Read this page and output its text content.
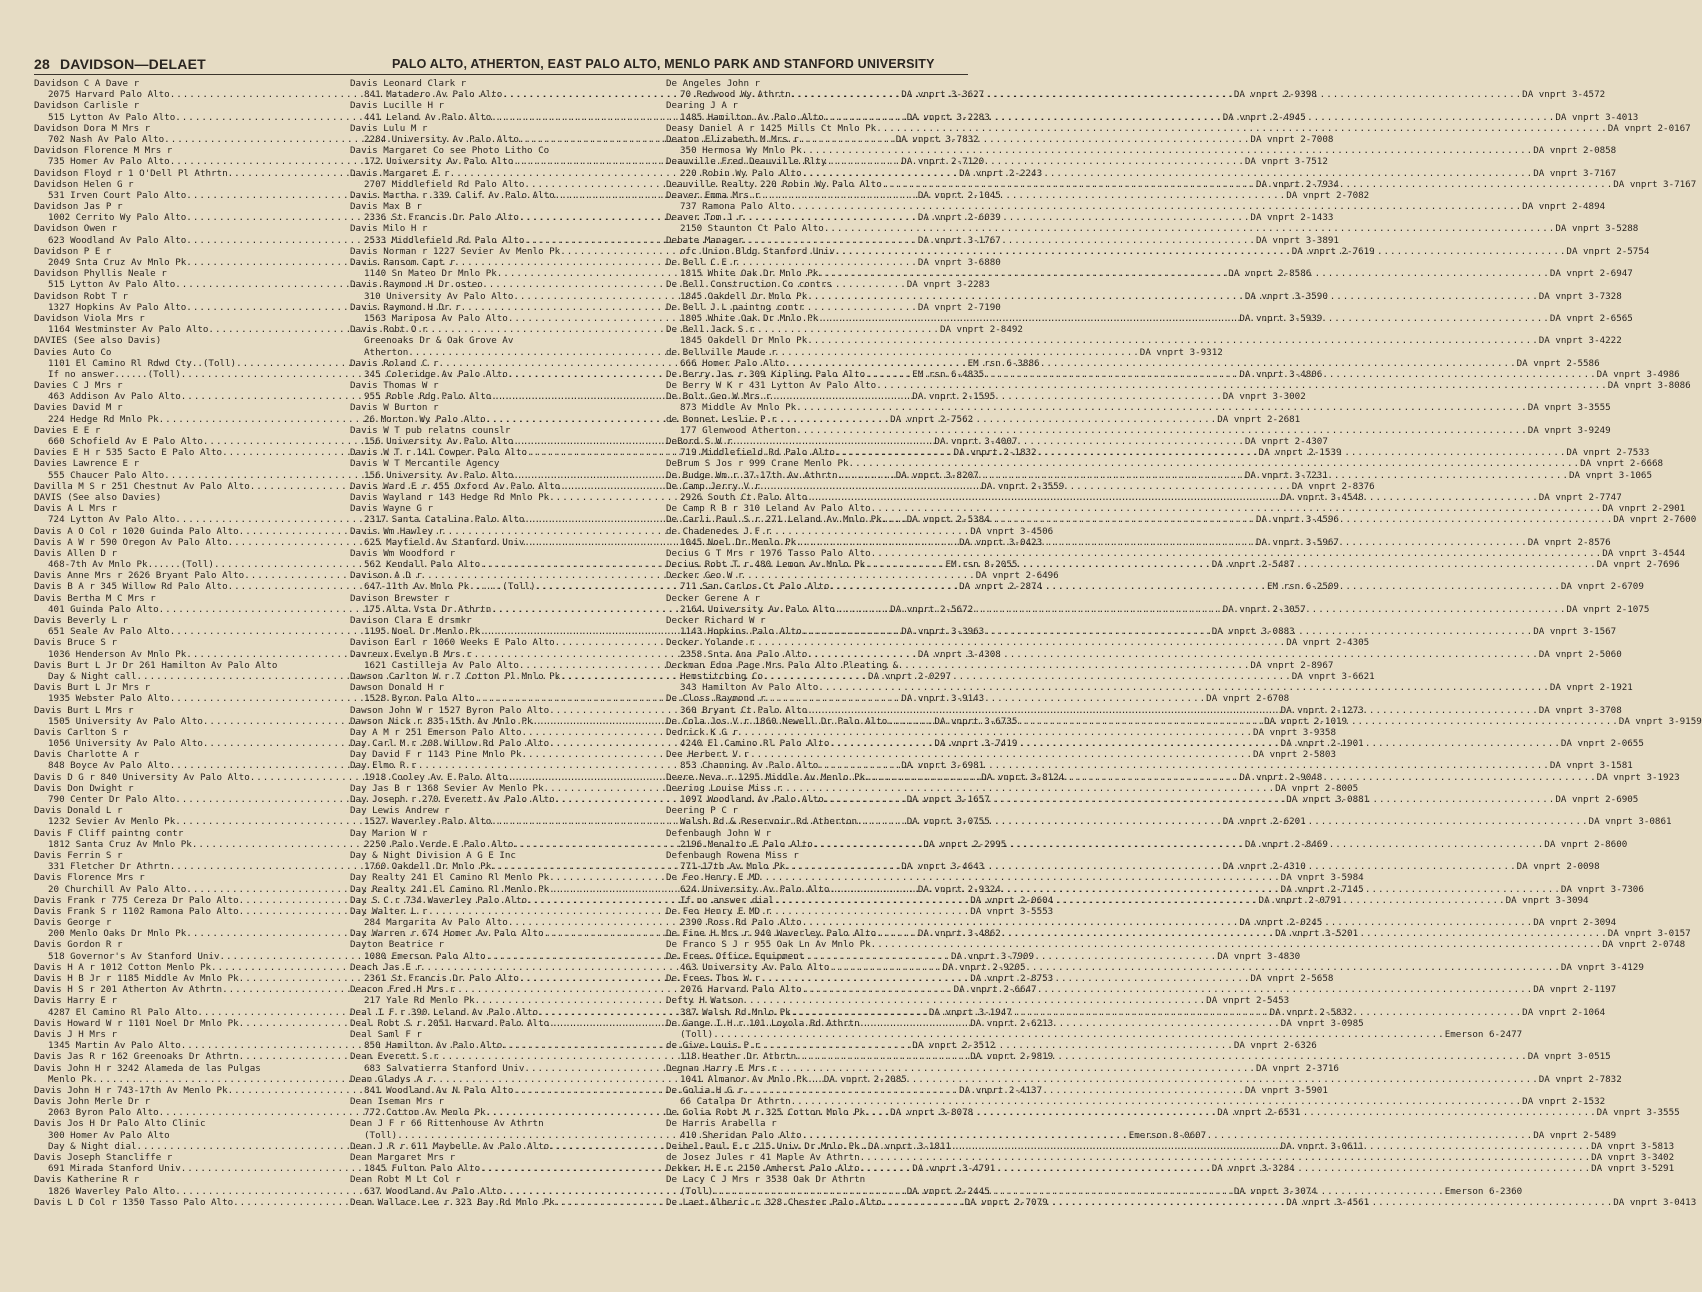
28 DAVIDSON—DELAET	PALO ALTO, ATHERTON, EAST PALO ALTO, MENLO PARK AND STANFORD UNIVERSITY
Davidson C A Dave r
2075 Harvard Palo Alto .....	DA vnprt 3-3627
Davidson Carlisle r
515 Lytton Av Palo Alto .....	DA vnprt 3-2283
Davidson Dora M Mrs r
702 Nash Av Palo Alto .....	DA vnprt 3-7832
Davidson Florence M Mrs r
735 Homer Av Palo Alto .....	DA vnprt 2-7120
Davidson Floyd r 1 O'Dell Pl Athrtn .....	DA vnprt 2-2243
Davidson Helen G r
531 Irven Court Palo Alto .....	DA vnprt 2-1045
Davidson Jas P r
1002 Cerrito Wy Palo Alto .....	DA vnprt 2-6039
Davidson Owen r
623 Woodland Av Palo Alto .....	DA vnprt 3-1767
Davidson P E r
2049 Snta Cruz Av Mnlo Pk .....	DA vnprt 3-6880
Davidson Phyllis Neale r
515 Lytton Av Palo Alto .....	DA vnprt 3-2283
Davidson Robt T r
1327 Hopkins Av Palo Alto .....	DA vnprt 2-7190
Davidson Viola Mrs r
1164 Westminster Av Palo Alto .....	DA vnprt 2-8492
DAVIES (See also Davis)
Davies Auto Co
1101 El Camino Rl Rdwd Cty..(Toll) .....	EM rsn 6-3886
If no answer......(Toll) .....	EM rsn 6-4835
Davies C J Mrs r
463 Addison Av Palo Alto .....	DA vnprt 2-1595
Davies David M r
224 Hedge Rd Mnlo Pk .....	DA vnprt 2-7562
Davies E E r
660 Schofield Av E Palo Alto .....	DA vnprt 3-4007
Davies E H r 535 Sacto E Palo Alto .....	DA vnprt 2-1832
Davies Lawrence E r
555 Chaucer Palo Alto .....	DA vnprt 3-8207
Davilla M S r 251 Chestnut Av Palo Alto .....	DA vnprt 2-3559
DAVIS (See also Davies)
Davis A L Mrs r
724 Lytton Av Palo Alto .....	DA vnprt 2-5384
Davis A O Col r 1020 Guinda Palo Alto .....	DA vnprt 3-4506
Davis A W r 590 Oregon Av Palo Alto .....	DA vnprt 3-0423
Davis Allen D r
468-7th Av Mnlo Pk......(Toll) .....	EM rsn 8-2055
Davis Anne Mrs r 2626 Bryant Palo Alto .....	DA vnprt 2-6496
Davis B A r 345 Willow Rd Palo Alto .....	DA vnprt 2-2874
Davis Bertha M C Mrs r
401 Guinda Palo Alto .....	DA vnprt 2-5672
Davis Beverly L r
651 Seale Av Palo Alto .....	DA vnprt 3-3963
Davis Bruce S r
1036 Henderson Av Mnlo Pk .....	DA vnprt 3-4308
Davis Burt L Jr Dr 261 Hamilton Av Palo Alto
Day & Night call .....	DA vnprt 2-0297
Davis Burt L Jr Mrs r
1935 Webster Palo Alto .....	DA vnprt 3-9143
Davis Burt L Mrs r
1505 University Av Palo Alto .....	DA vnprt 3-6735
Davis Carlton S r
1056 University Av Palo Alto .....	DA vnprt 3-7419
Davis Charlotte A r
848 Boyce Av Palo Alto .....	DA vnprt 3-6981
Davis D G r 840 University Av Palo Alto .....	DA vnprt 3-8124
Davis Don Dwight r
790 Center Dr Palo Alto .....	DA vnprt 3-1657
Davis Donald L r
1232 Sevier Av Menlo Pk .....	DA vnprt 3-0755
Davis F Cliff paintng contr
1812 Santa Cruz Av Mnlo Pk .....	DA vnprt 2-2995
Davis Ferrin S r
331 Fletcher Dr Athrtn .....	DA vnprt 3-4643
Davis Florence Mrs r
20 Churchill Av Palo Alto .....	DA vnprt 2-9324
Davis Frank r 775 Cereza Dr Palo Alto .....	DA vnprt 2-0604
Davis Frank S r 1102 Ramona Palo Alto .....	DA vnprt 3-5553
Davis George r
200 Menlo Oaks Dr Mnlo Pk .....	DA vnprt 3-4862
Davis Gordon R r
518 Governor's Av Stanford Univ .....	DA vnprt 3-7909
Davis H A r 1012 Cotton Menlo Pk .....	DA vnprt 2-9205
Davis H B Jr r 1185 Middle Av Mnlo Pk .....	DA vnprt 2-8753
Davis H S r 201 Atherton Av Athrtn .....	DA vnprt 2-6647
Davis Harry E r
4287 El Camino Rl Palo Alto .....	DA vnprt 3-1947
Davis Howard W r 1101 Noel Dr Mnlo Pk .....	DA vnprt 2-6213
Davis J H Mrs r
1345 Martin Av Palo Alto .....	DA vnprt 2-3512
Davis Jas R r 162 Greenoaks Dr Athrtn .....	DA vnprt 2-9819
Davis John H r 3242 Alameda de las Pulgas
Menlo Pk .....	DA vnprt 2-2085
Davis John H r 743-17th Av Menlo Pk .....	DA vnprt 2-4137
Davis John Merle Dr r
2063 Byron Palo Alto .....	DA vnprt 3-8078
Davis Jos H Dr Palo Alto Clinic
300 Homer Av Palo Alto
Day & Night dial .....	DA vnprt 3-1811
Davis Joseph Stancliffe r
691 Mirada Stanford Univ .....	DA vnprt 3-4791
Davis Katherine R r
1826 Waverley Palo Alto .....	DA vnprt 2-2445
Davis L D Col r 1350 Tasso Palo Alto .....	DA vnprt 2-7079
Davis Leonard Clark r
841 Matadero Av Palo Alto .....	DA vnprt 2-9398
Davis Lucille H r
441 Leland Av Palo Alto .....	DA vnprt 2-4945
Davis Lulu M r
2284 University Av Palo Alto .....	DA vnprt 2-7008
Davis Margaret Co see Photo Litho Co
172 University Av Palo Alto .....	DA vnprt 3-7512
Davis Margaret E r
2707 Middlefield Rd Palo Alto .....	DA vnprt 2-7934
Davis Martha r 339 Calif Av Palo Alto .....	DA vnprt 2-7082
Davis Max B r
2336 St Francis Dr Palo Alto .....	DA vnprt 2-1433
Davis Milo H r
2533 Middlefield Rd Palo Alto .....	DA vnprt 3-3891
Davis Norman r 1227 Sevier Av Menlo Pk .....	DA vnprt 2-7619
Davis Ransom Capt r
1140 Sn Mateo Dr Mnlo Pk .....	DA vnprt 2-8586
Davis Raymond H Dr osteo
310 University Av Palo Alto .....	DA vnprt 3-3590
Davis Raymond H Dr r
1563 Mariposa Av Palo Alto .....	DA vnprt 3-5939
Davis Robt O r
Greenoaks Dr & Oak Grove Av
Atherton .....	DA vnprt 3-9312
Davis Roland C r
345 Coleridge Av Palo Alto .....	DA vnprt 3-4806
Davis Thomas W r
955 Roble Rdg Palo Alto .....	DA vnprt 3-3002
Davis W Burton r
26 Morton Wy Palo Alto .....	DA vnprt 2-2681
Davis W T pub relatns counslr
156 University Av Palo Alto .....	DA vnprt 2-4307
Davis W T r 141 Cowper Palo Alto .....	DA vnprt 2-1539
Davis W T Mercantile Agency
156 University Av Palo Alto .....	DA vnprt 3-7231
Davis Ward E r 455 Oxford Av Palo Alto .....	DA vnprt 2-8376
Davis Wayland r 143 Hedge Rd Mnlo Pk .....	DA vnprt 3-4548
Davis Wayne G r
2317 Santa Catalina Palo Alto .....	DA vnprt 3-4596
Davis Wm Hawley r
625 Mayfield Av Stanford Univ .....	DA vnprt 3-5967
Davis Wm Woodford r
562 Kendall Palo Alto .....	DA vnprt 2-5487
Davison A D r
647-11th Av Mnlo Pk......(Toll) .....	EM rsn 6-2509
Davison Brewster r
175 Alta Vsta Dr Athrtn .....	DA vnprt 2-3057
Davison Clara E drsmkr
1195 Noel Dr Menlo Pk .....	DA vnprt 3-0883
Davison Earl r 1060 Weeks E Palo Alto .....	DA vnprt 2-4305
Davreux Evelyn B Mrs r
1621 Castilleja Av Palo Alto .....	DA vnprt 2-8967
Dawson Carlton W r 7 Cotton Pl Mnlo Pk .....	DA vnprt 3-6621
Dawson Donald H r
1528 Byron Palo Alto .....	DA vnprt 2-6708
Dawson John W r 1527 Byron Palo Alto .....	DA vnprt 2-1273
Dawson Nick r 835-15th Av Mnlo Pk .....	DA vnprt 2-1019
Day A M r 251 Emerson Palo Alto .....	DA vnprt 3-9358
Day Carl M r 208 Willow Rd Palo Alto .....	DA vnprt 2-1901
Day David F r 1143 Pine Mnlo Pk .....	DA vnprt 2-5803
Day Elmo R r
1918 Cooley Av E Palo Alto .....	DA vnprt 2-9048
Day Jas B r 1368 Sevier Av Menlo Pk .....	DA vnprt 2-8005
Day Joseph r 270 Everett Av Palo Alto .....	DA vnprt 3-0881
Day Lewis Andrew r
1527 Waverley Palo Alto .....	DA vnprt 2-6201
Day Marion W r
2250 Palo Verde E Palo Alto .....	DA vnprt 2-8469
Day & Night Division A G E Inc
1760 Oakdell Dr Mnlo Pk .....	DA vnprt 2-4310
Day Realty 241 El Camino Rl Menlo Pk .....	DA vnprt 3-5984
Day Realty 241 El Camino Rl Menlo Pk .....	DA vnprt 2-7145
Day S C r 734 Waverley Palo Alto .....	DA vnprt 2-0791
Day Walter L r
284 Margarita Av Palo Alto .....	DA vnprt 2-0245
Day Warren r 674 Homer Av Palo Alto .....	DA vnprt 3-5201
Dayton Beatrice r
1080 Emerson Palo Alto .....	DA vnprt 3-4830
Deach Jas E r
2361 St Francis Dr Palo Alto .....	DA vnprt 2-5658
Deacon Fred H Mrs r
217 Yale Rd Menlo Pk .....	DA vnprt 2-5453
Deal I F r 390 Leland Av Palo Alto .....	DA vnprt 2-5832
Deal Robt S r 2051 Harvard Palo Alto .....	DA vnprt 3-0985
Deal Saml F r
850 Hamilton Av Palo Alto .....	DA vnprt 2-6326
Dean Everett S r
683 Salvatierra Stanford Univ .....	DA vnprt 2-3716
Dean Gladys A r
841 Woodland Av N Palo Alto .....	DA vnprt 3-5901
Dean Iseman Mrs r
772 Cotton Av Menlo Pk .....	DA vnprt 2-6531
Dean J F r 66 Rittenhouse Av Athrtn
(Toll) .....	Emerson 8-0607
Dean J R r 611 Maybelle Av Palo Alto .....	DA vnprt 3-0611
Dean Margaret Mrs r
1845 Fulton Palo Alto .....	DA vnprt 3-3284
Dean Robt M Lt Col r
637 Woodland Av Palo Alto .....	DA vnprt 3-3074
Dean Wallace Lee r 323 Bay Rd Mnlo Pk .....	DA vnprt 3-4561
De Angeles John r
70 Redwood Wy Athrtn .....	DA vnprt 3-4572
Dearing J A r
1485 Hamilton Av Palo Alto .....	DA vnprt 3-4013
Deasy Daniel A r 1425 Mills Ct Mnlo Pk .....	DA vnprt 2-0167
Deaton Elizabeth M Mrs r
350 Hermosa Wy Mnlo Pk .....	DA vnprt 2-0858
Deauville Fred Deauville Rlty
220 Robin Wy Palo Alto .....	DA vnprt 3-7167
Deauville Realty 220 Robin Wy Palo Alto .....	DA vnprt 3-7167
Deaver Emma Mrs r
737 Ramona Palo Alto .....	DA vnprt 2-4894
Deaver Tom J r
2150 Staunton Ct Palo Alto .....	DA vnprt 3-5288
Debate Manager
ofc Union Bldg Stanford Univ .....	DA vnprt 2-5754
De Bell C E r
1815 White Oak Dr Mnlo Pk .....	DA vnprt 2-6947
De Bell Construction Co contrs
1845 Oakdell Dr Mnlo Pk .....	DA vnprt 3-7328
De Bell J L paintng contr
1805 White Oak Dr Mnlo Pk .....	DA vnprt 2-6565
De Bell Jack S r
1845 Oakdell Dr Mnlo Pk .....	DA vnprt 3-4222
de Bellville Maude r
666 Homer Palo Alto .....	DA vnprt 2-5586
De Berry Jas r 309 Kipling Palo Alto .....	DA vnprt 3-4986
De Berry W K r 431 Lytton Av Palo Alto .....	DA vnprt 3-8086
De Bolt Geo W Mrs r
873 Middle Av Mnlo Pk .....	DA vnprt 3-3555
de Bonnet Leslie P r
177 Glenwood Atherton .....	DA vnprt 3-9249
DeBord S W r
719 Middlefield Rd Palo Alto .....	DA vnprt 2-7533
DeBrum S Jos r 999 Crane Menlo Pk .....	DA vnprt 2-6668
De Budge Wm r 37-17th Av Athrtn .....	DA vnprt 3-1065
De Camp Jerry V r
2926 South Ct Palo Alto .....	DA vnprt 2-7747
De Camp R B r 310 Leland Av Palo Alto .....	DA vnprt 2-2901
De Carli Paul S r 271 Leland Av Mnlo Pk .....	DA vnprt 2-7600
de Chadenedes J F r
1045 Noel Dr Menlo Pk .....	DA vnprt 2-8576
Decius G T Mrs r 1976 Tasso Palo Alto .....	DA vnprt 3-4544
Decius Robt T r 480 Lemon Av Mnlo Pk .....	DA vnprt 2-7696
Decker Geo W r
711 San Carlos Ct Palo Alto .....	DA vnprt 2-6709
Decker Gerene A r
2164 University Av Palo Alto .....	DA vnprt 2-1075
Decker Richard W r
1143 Hopkins Palo Alto .....	DA vnprt 3-1567
Decker Yolande r
2358 Snta Ana Palo Alto .....	DA vnprt 2-5060
Deckman Edna Page Mrs Palo Alto Pleating &
Hemstitching Co
343 Hamilton Av Palo Alto .....	DA vnprt 2-1921
De Closs Raymond r
360 Bryant Ct Palo Alto .....	DA vnprt 3-3708
De Cola Jos V r 1860 Newell Dr Palo Alto .....	DA vnprt 3-9159
Dedrick K G r
4240 El Camino Rl Palo Alto .....	DA vnprt 2-0655
Dee Herbert V r
853 Channing Av Palo Alto .....	DA vnprt 3-1581
Deere Neva r 1295 Middle Av Menlo Pk .....	DA vnprt 3-1923
Deering Louise Miss r
1097 Woodland Av Palo Alto .....	DA vnprt 2-6905
Deering P C r
Walsh Rd & Reservoir Rd Atherton .....	DA vnprt 3-0861
Defenbaugh John W r
2196 Menalto E Palo Alto .....	DA vnprt 2-8600
Defenbaugh Rowena Miss r
771-17th Av Mnlo Pk .....	DA vnprt 2-0098
De Feo Henry E MD
624 University Av Palo Alto .....	DA vnprt 3-7306
If no answer dial .....	DA vnprt 3-3094
De Feo Henry E MD r
2390 Ross Rd Palo Alto .....	DA vnprt 2-3094
De Fine H Mrs r 940 Waverley Palo Alto .....	DA vnprt 3-0157
De Franco S J r 955 Oak Ln Av Mnlo Pk .....	DA vnprt 2-0748
De Frees Office Equipment
463 University Av Palo Alto .....	DA vnprt 3-4129
De Frees Thos W r
2076 Harvard Palo Alto .....	DA vnprt 2-1197
Defty H Watson
387 Walsh Rd Mnlo Pk .....	DA vnprt 2-1064
De Gange I H r 101 Loyola Rd Athrtn
(Toll) .....	Emerson 6-2477
de Give Louis P r
118 Heather Dr Athrtn .....	DA vnprt 3-0515
Degnan Harry E Mrs r
1041 Almanor Av Mnlo Pk .....	DA vnprt 2-7832
De Golia H G r
66 Catalpa Dr Athrtn .....	DA vnprt 2-1532
De Golia Robt M r 325 Cotton Mnlo Pk .....	DA vnprt 3-3555
De Harris Arabella r
410 Sheridan Palo Alto .....	DA vnprt 2-5489
Deibel Paul E r 215 Univ Dr Mnlo Pk .....	DA vnprt 3-5813
de Josez Jules r 41 Maple Av Athrtn .....	DA vnprt 3-3402
Dekker H E r 2150 Amherst Palo Alto .....	DA vnprt 3-5291
De Lacy C J Mrs r 3538 Oak Dr Athrtn
(Toll) .....	Emerson 6-2360
De Laet Alberic r 328 Chester Palo Alto .....	DA vnprt 3-0413
